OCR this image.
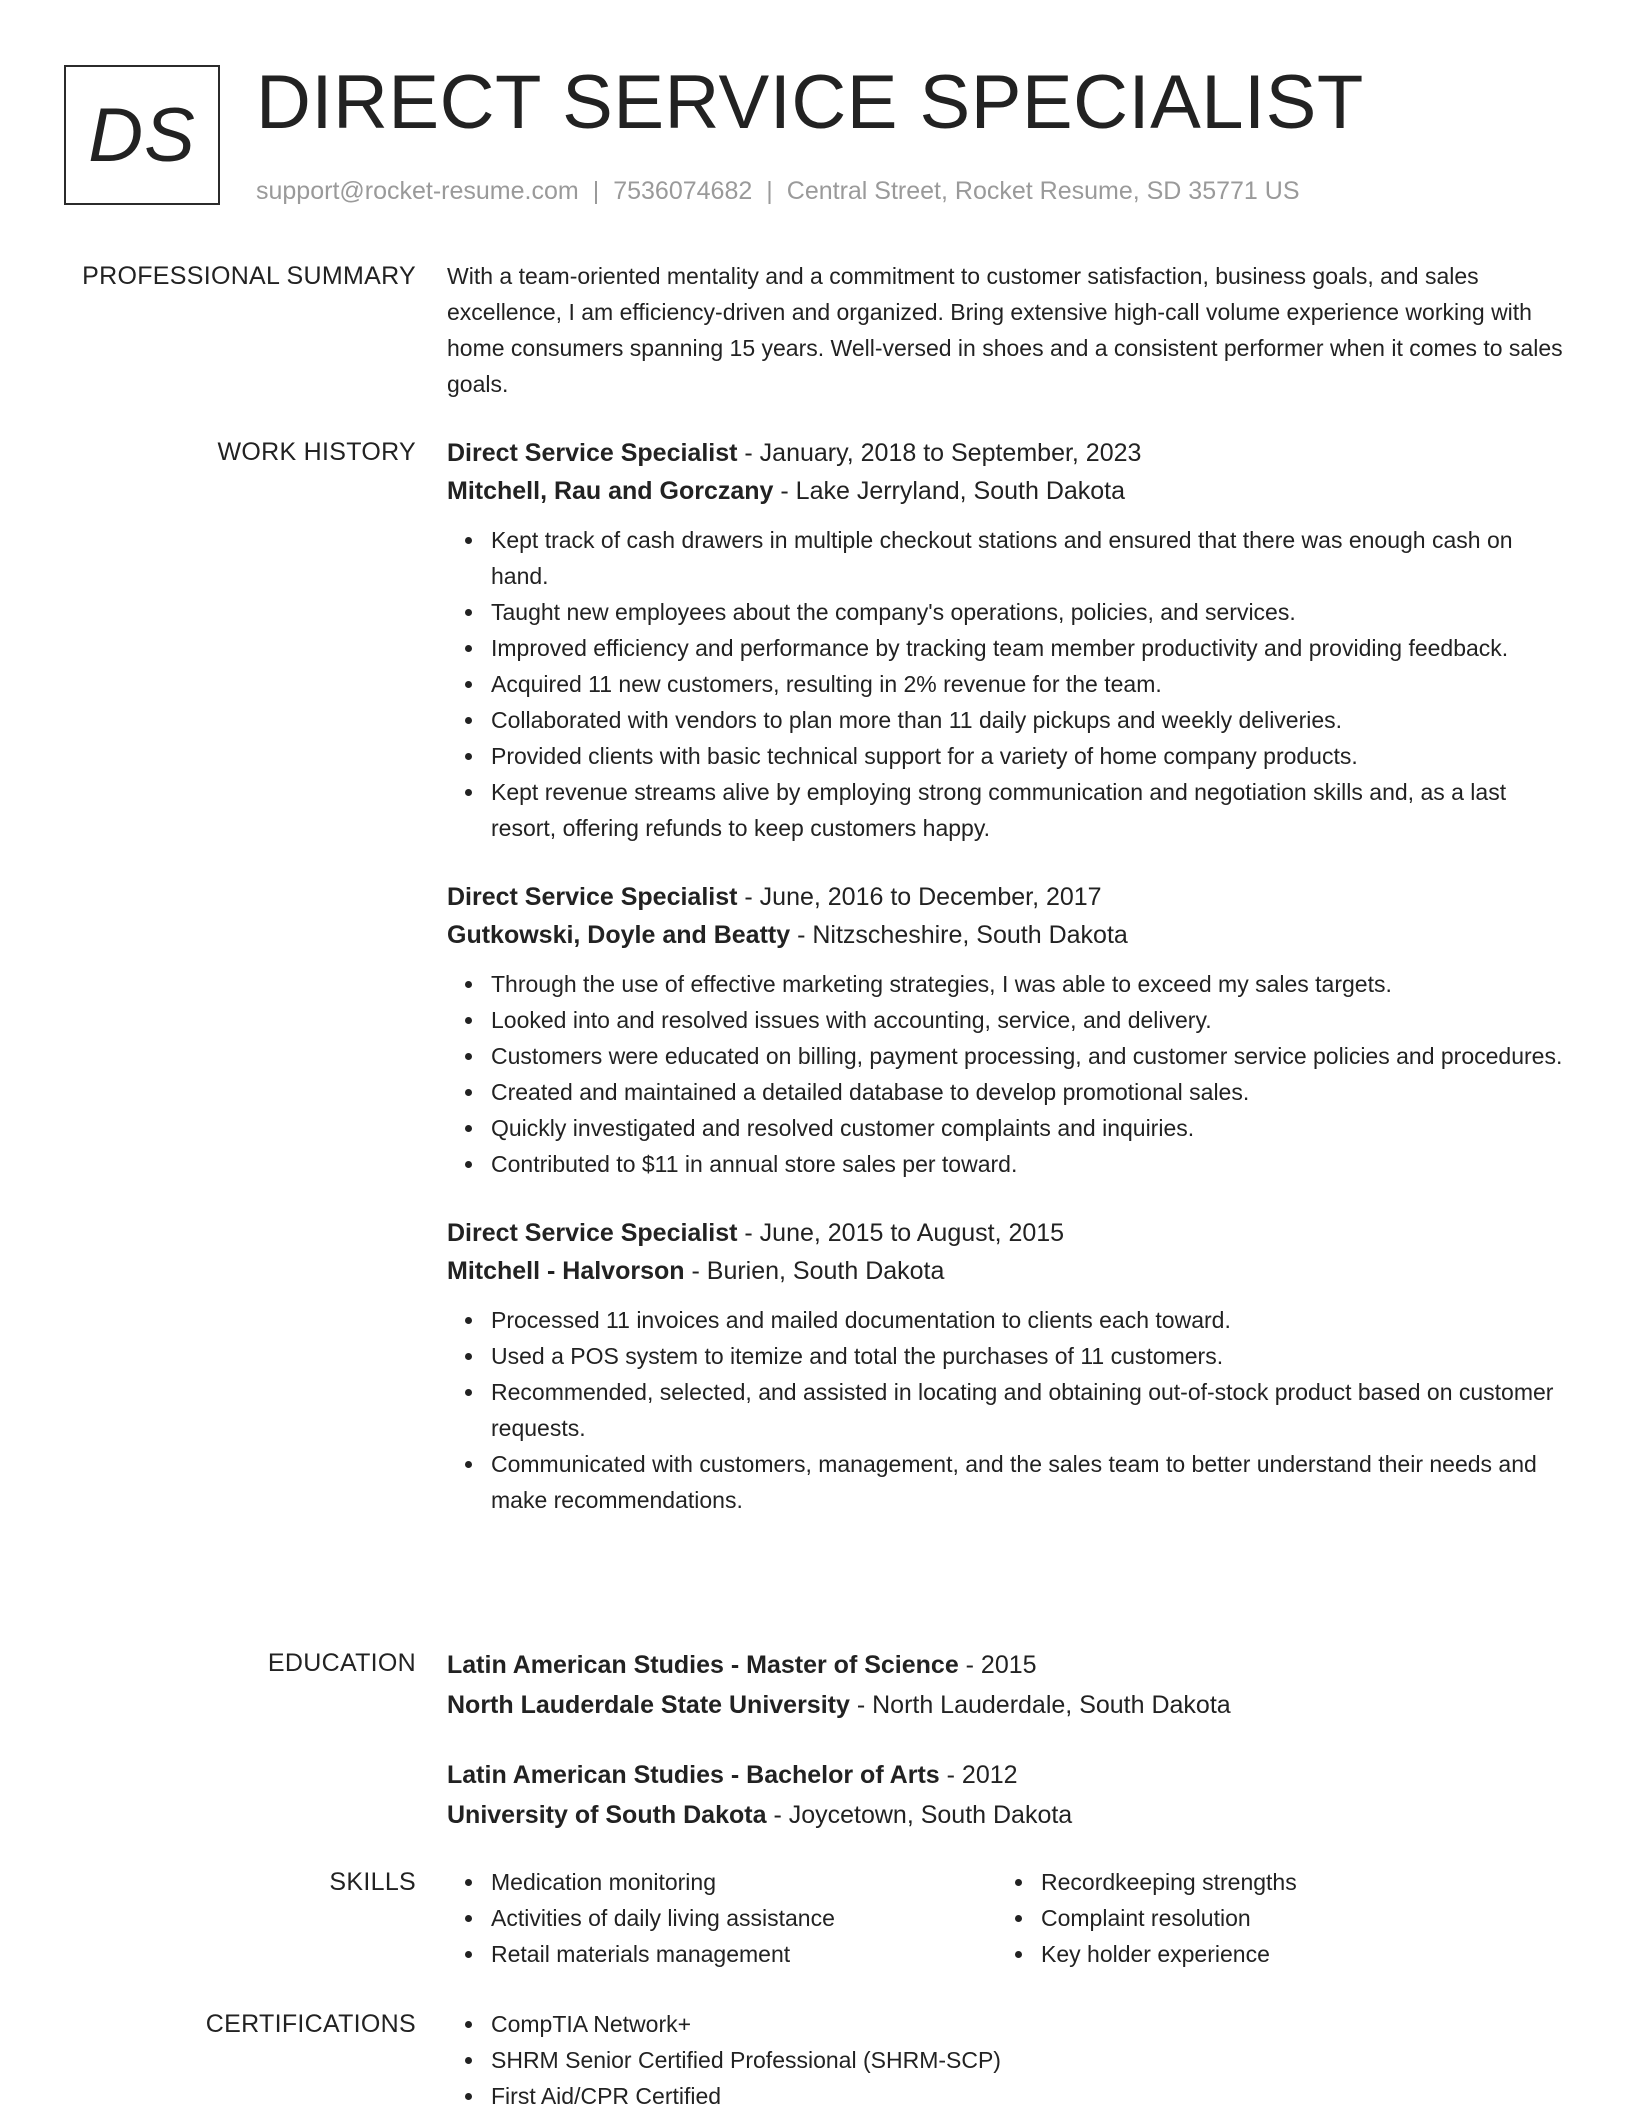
DS DIRECT SERVICE SPECIALIST
support@rocket-resume.com | 7536074682 | Central Street, Rocket Resume, SD 35771 US
PROFESSIONAL SUMMARY With a team-oriented mentality and a commitment to customer satisfaction, business goals, and sales excellence, I am efficiency-driven and organized. Bring extensive high-call volume experience working with home consumers spanning 15 years. Well-versed in shoes and a consistent performer when it comes to sales goals.

WORK HISTORY Direct Service Specialist - January, 2018 to September, 2023

Mitchell, Rau and Gorczany - Lake Jerryland, South Dakota

Kept track of cash drawers in multiple checkout stations and ensured that there was enough cash on hand.
Taught new employees about the company's operations, policies, and services.
Improved efficiency and performance by tracking team member productivity and providing feedback.
Acquired 11 new customers, resulting in 2% revenue for the team.
Collaborated with vendors to plan more than 11 daily pickups and weekly deliveries.
Provided clients with basic technical support for a variety of home company products.
Kept revenue streams alive by employing strong communication and negotiation skills and, as a last resort, offering refunds to keep customers happy.

Direct Service Specialist - June, 2016 to December, 2017

Gutkowski, Doyle and Beatty - Nitzscheshire, South Dakota

Through the use of effective marketing strategies, I was able to exceed my sales targets.
Looked into and resolved issues with accounting, service, and delivery.
Customers were educated on billing, payment processing, and customer service policies and procedures.
Created and maintained a detailed database to develop promotional sales.
Quickly investigated and resolved customer complaints and inquiries.
Contributed to $11 in annual store sales per toward.

Direct Service Specialist - June, 2015 to August, 2015

Mitchell - Halvorson - Burien, South Dakota

Processed 11 invoices and mailed documentation to clients each toward.
Used a POS system to itemize and total the purchases of 11 customers.
Recommended, selected, and assisted in locating and obtaining out-of-stock product based on customer requests.
Communicated with customers, management, and the sales team to better understand their needs and make recommendations.
EDUCATION Latin American Studies - Master of Science - 2015

North Lauderdale State University - North Lauderdale, South Dakota

Latin American Studies - Bachelor of Arts - 2012

University of South Dakota - Joycetown, South Dakota

SKILLS	Medication monitoring
Activities of daily living assistance
Retail materials management
Recordkeeping strengths
Complaint resolution
Key holder experience
CERTIFICATIONS	CompTIA Network+
SHRM Senior Certified Professional (SHRM-SCP)
First Aid/CPR Certified
